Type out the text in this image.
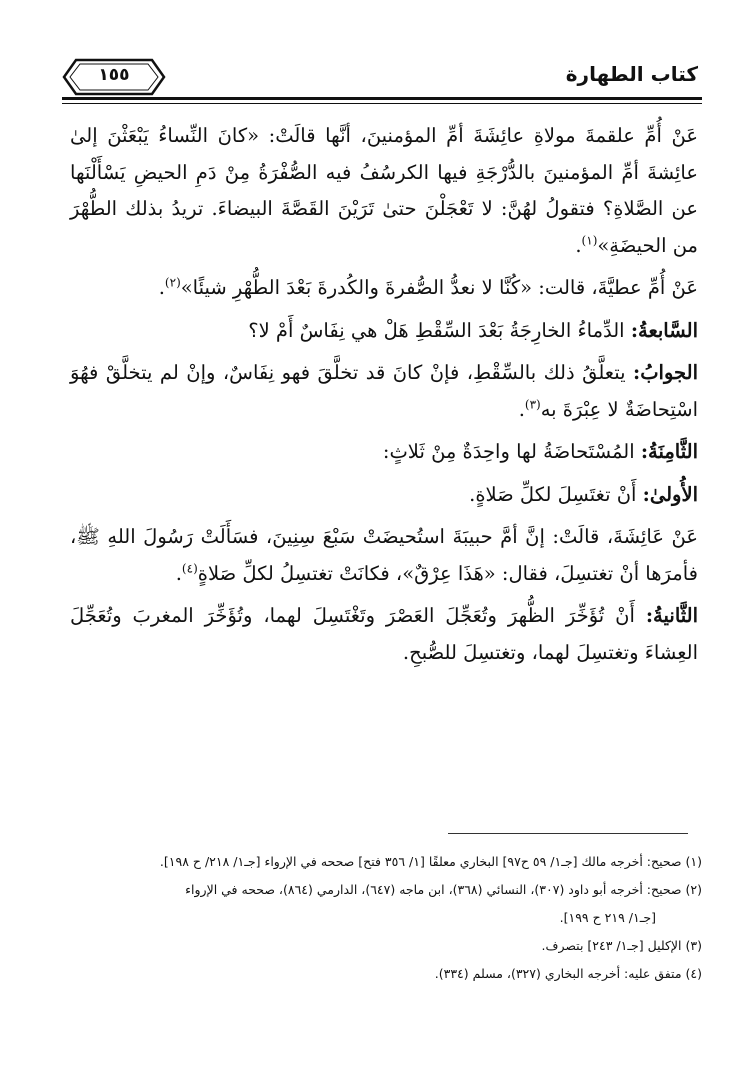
كتاب الطهارة
١٥٥

عَنْ أُمِّ علقمةَ مولاةِ عائِشَةَ أمِّ المؤمنينَ، أنَّها قالَتْ: «كانَ النِّساءُ يَبْعَثْنَ إلىٰ عائِشةَ أمِّ المؤمنينَ بالدُّرْجَةِ فيها الكرسُفُ فيه الصُّفْرَةُ مِنْ دَمِ الحيضِ يَسْأَلْنَها عن الصَّلاةِ؟ فتقولُ لهُنَّ: لا تَعْجَلْنَ حتىٰ تَرَيْنَ القَصَّةَ البيضاءَ. تريدُ بذلك الطُّهْرَ من الحيضَةِ»$^{(١)}$.

عَنْ أُمِّ عطيَّةَ، قالت: «كُنَّا لا نعدُّ الصُّفرةَ والكُدرةَ بَعْدَ الطُّهْرِ شيئًا»$^{(٢)}$.

السَّابعةُ: الدِّماءُ الخارِجَةُ بَعْدَ السِّقْطِ هَلْ هي نِفَاسٌ أَمْ لا؟

الجوابُ: يتعلَّقُ ذلك بالسِّقْطِ، فإنْ كانَ قد تخلَّقَ فهو نِفَاسٌ، وإنْ لم يتخلَّقْ فهُوَ اسْتِحاضَةٌ لا عِبْرَةَ به$^{(٣)}$.

الثَّامِنَةُ: المُسْتَحاضَةُ لها واحِدَةٌ مِنْ ثَلاثٍ:

الأُولىٰ: أَنْ تغتَسِلَ لكلِّ صَلاةٍ.

عَنْ عَائِشَةَ، قالَتْ: إنَّ أمَّ حبيبَةَ استُحيضَتْ سَبْعَ سِنِينَ، فسَأَلَتْ رَسُولَ اللهِ ﷺ، فأمرَها أنْ تغتسِلَ، فقال: «هَذَا عِرْقٌ»، فكانَتْ تغتسِلُ لكلِّ صَلاةٍ$^{(٤)}$.

الثَّانيةُ: أَنْ تُؤَخِّرَ الظُّهرَ وتُعَجِّلَ العَصْرَ وتَغْتَسِلَ لهما، وتُؤَخِّرَ المغربَ وتُعَجِّلَ العِشاءَ وتغتسِلَ لهما، وتغتسِلَ للصُّبحِ.

(١) صحيح: أخرجه مالك [جـ١/ ٥٩ ح٩٧] البخاري معلقًا [١/ ٣٥٦ فتح] صححه في الإرواء [جـ١/ ٢١٨/ ح ١٩٨].

(٢) صحيح: أخرجه أبو داود (٣٠٧)، النسائي (٣٦٨)، ابن ماجه (٦٤٧)، الدارمي (٨٦٤)، صححه في الإرواء

[جـ١/ ٢١٩ ح ١٩٩].

(٣) الإكليل [جـ١/ ٢٤٣] بتصرف.

(٤) متفق عليه: أخرجه البخاري (٣٢٧)، مسلم (٣٣٤).
